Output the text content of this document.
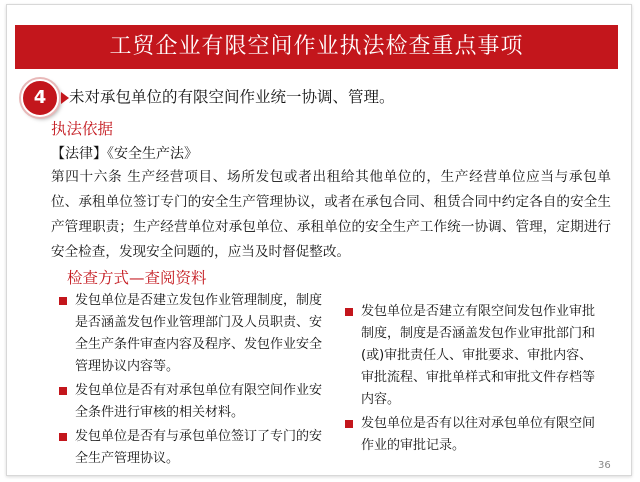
工贸企业有限空间作业执法检查重点事项
4	未对承包单位的有限空间作业统一协调、管理。
执法依据
【法律】《安全生产法》
第四十六条 生产经营项目、场所发包或者出租给其他单位的，生产经营单位应当与承包单位、承租单位签订专门的安全生产管理协议，或者在承包合同、租赁合同中约定各自的安全生产管理职责；生产经营单位对承包单位、承租单位的安全生产工作统一协调、管理，定期进行安全检查，发现安全问题的，应当及时督促整改。
检查方式—查阅资料
发包单位是否建立发包作业管理制度，制度是否涵盖发包作业管理部门及人员职责、安全生产条件审查内容及程序、发包作业安全管理协议内容等。
发包单位是否有对承包单位有限空间作业安全条件进行审核的相关材料。
发包单位是否有与承包单位签订了专门的安全生产管理协议。
发包单位是否建立有限空间发包作业审批制度，制度是否涵盖发包作业审批部门和(或)审批责任人、审批要求、审批内容、审批流程、审批单样式和审批文件存档等内容。
发包单位是否有以往对承包单位有限空间作业的审批记录。
36
